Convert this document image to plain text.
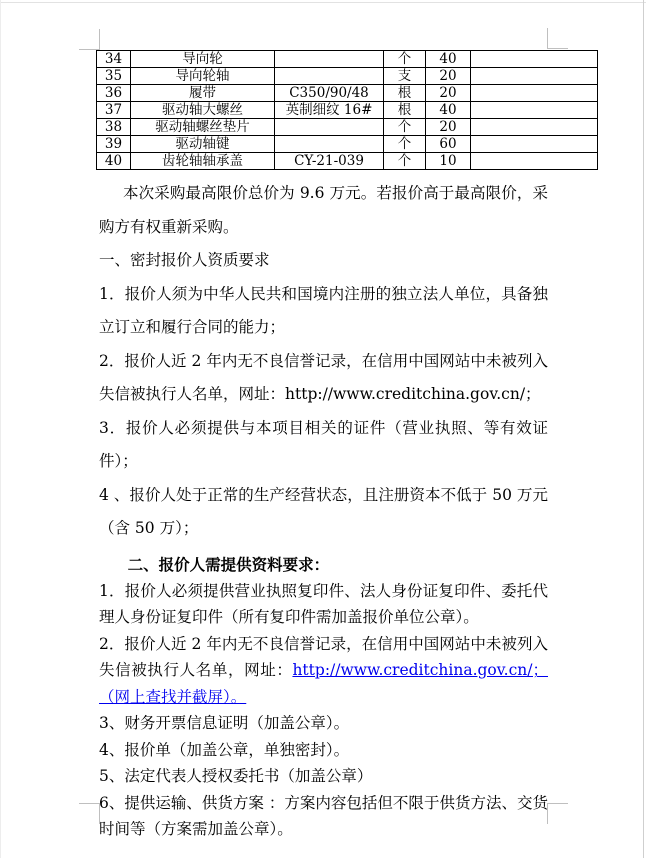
34	导向轮		个	40	
35	导向轮轴		支	20	
36	履带	C350/90/48	根	20	
37	驱动轴大螺丝	英制细纹 16#	根	40	
38	驱动轴螺丝垫片		个	20	
39	驱动轴键		个	60	
40	齿轮轴轴承盖	CY-21-039	个	10	

本次采购最高限价总价为 9.6 万元。若报价高于最高限价，采购方有权重新采购。

一、密封报价人资质要求

1．报价人须为中华人民共和国境内注册的独立法人单位，具备独立订立和履行合同的能力；

2．报价人近 2 年内无不良信誉记录，在信用中国网站中未被列入失信被执行人名单，网址：http://www.creditchina.gov.cn/；

3．报价人必须提供与本项目相关的证件（营业执照、等有效证件）；

4 、报价人处于正常的生产经营状态，且注册资本不低于 50 万元（含 50 万）；

二、报价人需提供资料要求：

1．报价人必须提供营业执照复印件、法人身份证复印件、委托代理人身份证复印件（所有复印件需加盖报价单位公章）。

2．报价人近 2 年内无不良信誉记录，在信用中国网站中未被列入失信被执行人名单，网址：http://www.creditchina.gov.cn/；（网上查找并截屏）。

3、财务开票信息证明（加盖公章）。

4、报价单（加盖公章，单独密封）。

5、法定代表人授权委托书（加盖公章）

6、提供运输、供货方案 ：方案内容包括但不限于供货方法、交货时间等（方案需加盖公章）。
